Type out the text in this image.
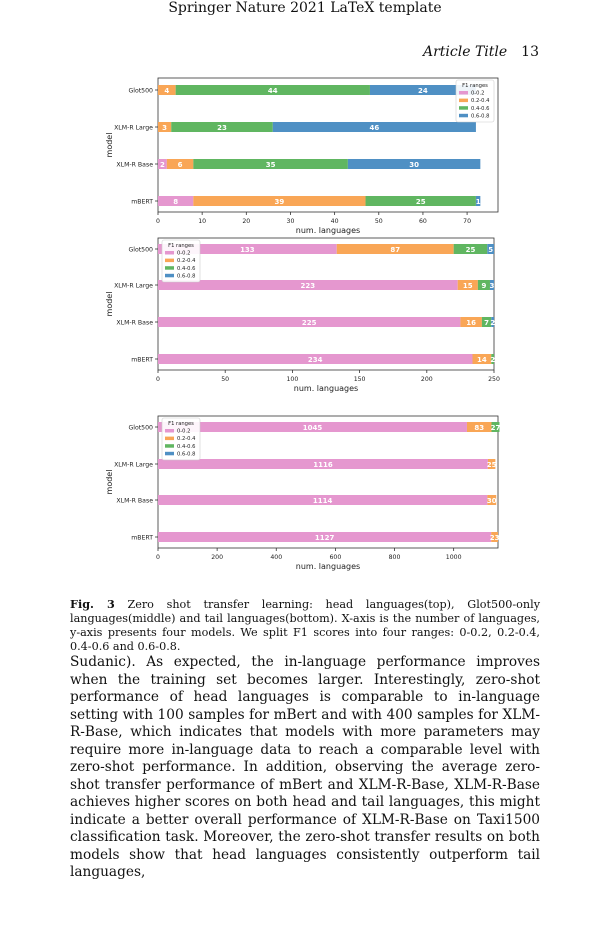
Springer Nature 2021 LaTeX template
Article Title 13
4	44	24
Glot500
3	23	46
XLM-R Large
2 6	35	30
XLM-R Base
8	39	25	1
mBERT
0	10	20	30	40	50	60	70
num. languages
model
F1 ranges
0-0.2
0.2-0.4
0.4-0.6
0.6-0.8
133	87	25 5
Glot500
223	15 9 3
XLM-R Large
225	16 7 2
XLM-R Base
234	14 2
mBERT
0	50	100	150	200	250
num. languages
model
F1 ranges
0-0.2
0.2-0.4
0.4-0.6
0.6-0.8
1045	83 27
Glot500
1116	25
XLM-R Large
1114	30
XLM-R Base
1127	23
mBERT
0	200	400	600	800	1000
num. languages
model
F1 ranges
0-0.2
0.2-0.4
0.4-0.6
0.6-0.8
Fig. 3 Zero shot transfer learning: head languages(top), Glot500-only languages(middle) and tail languages(bottom). X-axis is the number of languages, y-axis presents four models. We split F1 scores into four ranges: 0-0.2, 0.2-0.4, 0.4-0.6 and 0.6-0.8.
Sudanic). As expected, the in-language performance improves when the training set becomes larger. Interestingly, zero-shot performance of head languages is comparable to in-language setting with 100 samples for mBert and with 400 samples for XLM-R-Base, which indicates that models with more parameters may require more in-language data to reach a comparable level with zero-shot performance. In addition, observing the average zero-shot transfer performance of mBert and XLM-R-Base, XLM-R-Base achieves higher scores on both head and tail languages, this might indicate a better overall performance of XLM-R-Base on Taxi1500 classification task. Moreover, the zero-shot transfer results on both models show that head languages consistently outperform tail languages,
